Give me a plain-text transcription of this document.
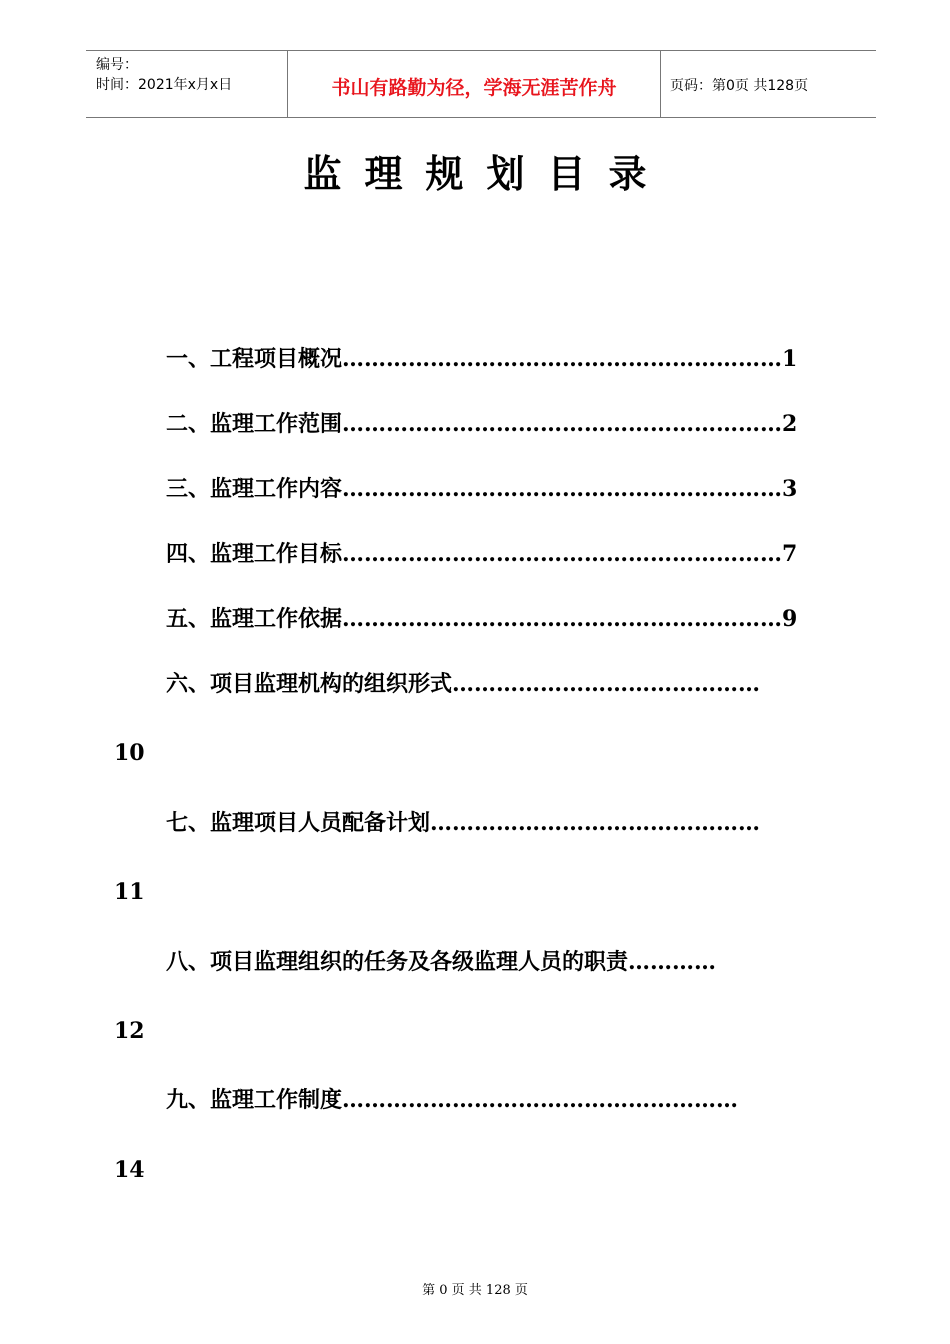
编号：
时间：2021年x月x日	书山有路勤为径，学海无涯苦作舟	页码：第0页 共128页
监理规划目录
一、工程项目概况……………………………………………………1
二、监理工作范围……………………………………………………2
三、监理工作内容……………………………………………………3
四、监理工作目标……………………………………………………7
五、监理工作依据……………………………………………………9
六、项目监理机构的组织形式……………………………………
10
七、监理项目人员配备计划………………………………………
11
八、项目监理组织的任务及各级监理人员的职责…………
12
九、监理工作制度………………………………………………
14
第 0 页 共 128 页
